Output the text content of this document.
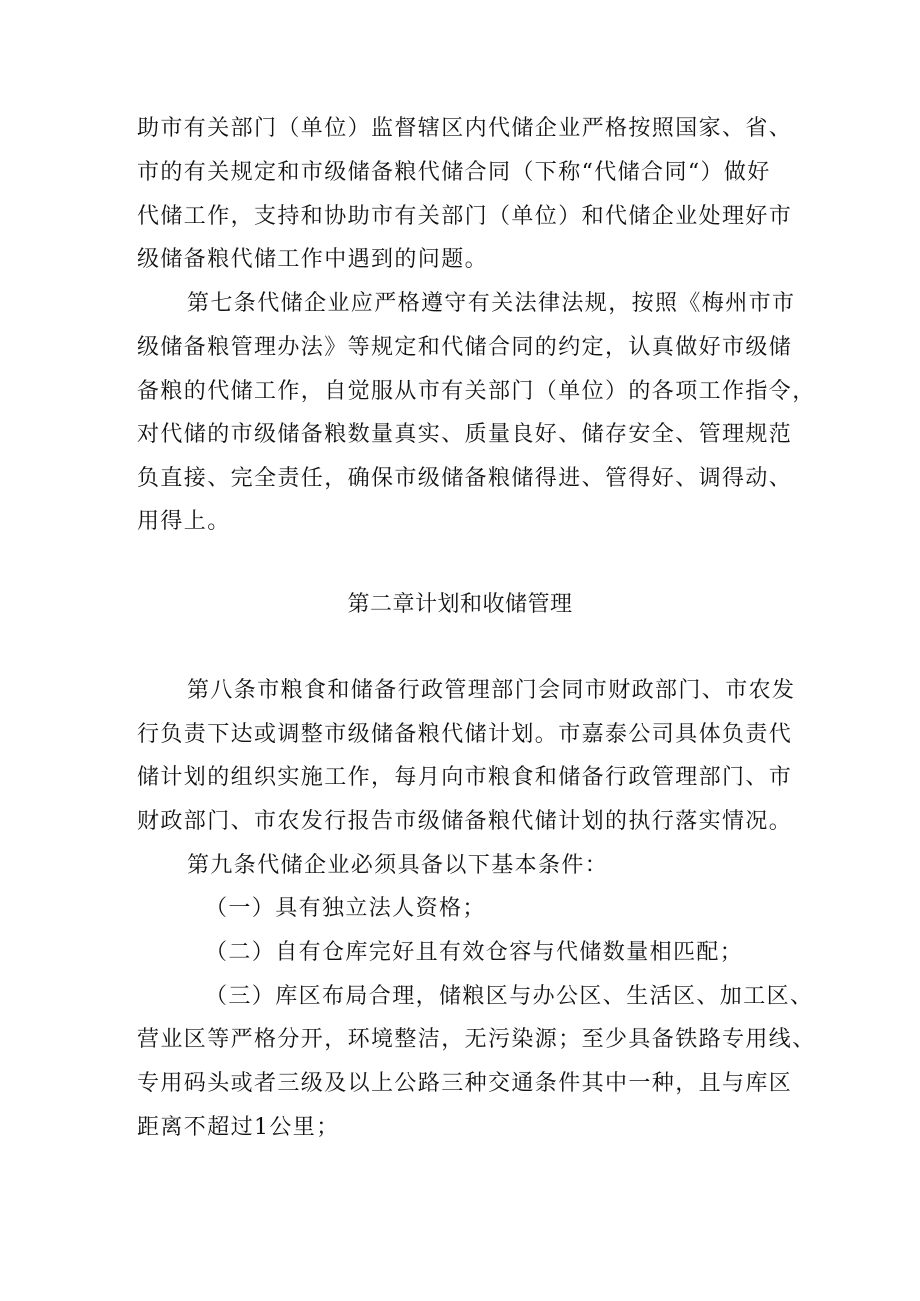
助市有关部门（单位）监督辖区内代储企业严格按照国家、省、
市的有关规定和市级储备粮代储合同（下称“代储合同“）做好
代储工作，支持和协助市有关部门（单位）和代储企业处理好市
级储备粮代储工作中遇到的问题。
第七条代储企业应严格遵守有关法律法规，按照《梅州市市
级储备粮管理办法》等规定和代储合同的约定，认真做好市级储
备粮的代储工作，自觉服从市有关部门（单位）的各项工作指令，
对代储的市级储备粮数量真实、质量良好、储存安全、管理规范
负直接、完全责任，确保市级储备粮储得进、管得好、调得动、
用得上。
第二章计划和收储管理
第八条市粮食和储备行政管理部门会同市财政部门、市农发
行负责下达或调整市级储备粮代储计划。市嘉泰公司具体负责代
储计划的组织实施工作，每月向市粮食和储备行政管理部门、市
财政部门、市农发行报告市级储备粮代储计划的执行落实情况。
第九条代储企业必须具备以下基本条件：
（一）具有独立法人资格；
（二）自有仓库完好且有效仓容与代储数量相匹配；
（三）库区布局合理，储粮区与办公区、生活区、加工区、
营业区等严格分开，环境整洁，无污染源；至少具备铁路专用线、
专用码头或者三级及以上公路三种交通条件其中一种，且与库区
距离不超过1公里；
